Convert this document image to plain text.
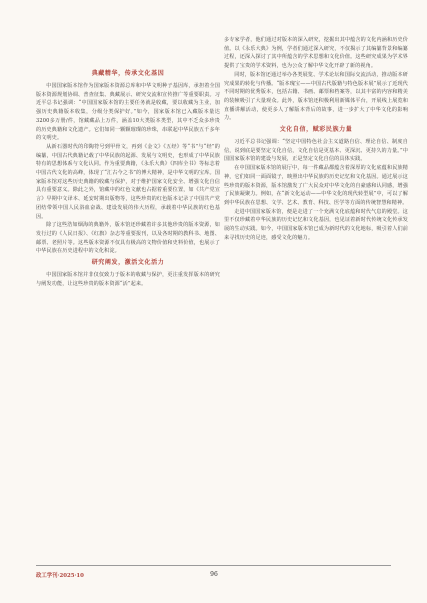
典藏精华，传承文化基因

中国国家版本馆作为国家版本资源总库和中华文明种子基因库，承担着全国版本资源规划协调、普查征集、典藏展示、研究交流和宣传推广等重要职责。习近平总书记强调：“中国国家版本馆的主要任务就是收藏，要以收藏为主业，加强历史典籍版本收集，分级分类保护好。”如今，国家版本馆已入藏版本量达3200多万册/件，馆藏藏品上万件，涵盖10大类版本类型，其中不乏众多珍贵的历史典籍和文化遗产。它们如同一颗颗璀璨的珍珠，串联起中华民族五千多年的文明史。

从新石器时代的印陶符号到甲骨文，再到《金文》《五经》等“书”与“经”的编纂，中国古代典籍记载了中华民族的起源、发展与文明史，也形成了中华民族特有的思想体系与文化认同。作为重要典籍，《永乐大典》《四库全书》等标志着中国古代文化的高峰，体现了“汇古今之书”的博大精神，是中华文明的宝库。国家版本馆对这些历史典籍的收藏与保护，对于维护国家文化安全、增强文化自信具有重要意义。除此之外，馆藏中的红色文献也占据着重要位置，如《共产党宣言》早期中文译本、延安时期出版物等，这些珍贵的红色版本记录了中国共产党团结带领中国人民浴血奋战、建设发展的伟大历程，承载着中华民族的红色基因。

除了这些浩如烟海的典籍外，版本馆还珍藏着许多其他珍贵的版本资源，如发行过的《人民日报》、《红旗》杂志等重要报刊，以及各时期的教科书、地图、邮票、老照片等。这些版本资源不仅具有极高的文物价值和史料价值，也展示了中华民族在历史进程中的文化积淀。

研究阐发，激活文化活力

中国国家版本馆并非仅仅致力于版本的收藏与保护，更注重发挥版本的研究与阐发功能，让这些珍贵的版本资源“活”起来。

多专家学者，他们通过对版本的深入研究，挖掘出其中蕴含的文化内涵和历史价值。以《永乐大典》为例，学者们通过深入研究，不仅揭示了其编纂背景和编纂过程，还深入探讨了其中所蕴含的学术思想和文化价值。这些研究成果为学术界提供了宝贵的学术资料，也为公众了解中华文化开辟了新的视角。

同时，版本馆还通过举办各类展览、学术论坛和国际交流活动，推动版本研究成果的转化与传播。“版本瑰宝——中国古代版籍与特色版本展”展示了近现代不同时期的优秀版本，包括古籍、书画、邮票和档案等，以其丰富的内容和精美的装帧吸引了大量观众。此外，版本馆还积极利用新媒体平台，开展线上展览和直播讲解活动，使更多人了解版本背后的故事，进一步扩大了中华文化的影响力。

文化自信，赋彩民族力量

习近平总书记强调：“坚定中国特色社会主义道路自信、理论自信、制度自信，说到底是要坚定文化自信，文化自信是更基本、更深沉、更持久的力量。”中国国家版本馆的建设与发展，正是坚定文化自信的具体实践。

在中国国家版本馆的展厅中，每一件藏品都蕴含着深厚的文化底蕴和民族精神，它们如同一面面镜子，映照出中华民族的历史记忆和文化基因。通过展示这些珍贵的版本资源，版本馆激发了广大民众对中华文化的自豪感和认同感，增强了民族凝聚力。例如，在“新文化运动——中华文化的现代转型展”中，可以了解到中华民族在思想、文学、艺术、教育、科技、医学等方面的传统智慧和精神。

走进中国国家版本馆，便是走进了一个充满文化底蕴和时代气息的殿堂。这里不仅珍藏着中华民族的历史记忆和文化基因，也见证着新时代传统文化传承发展的生动实践。如今，中国国家版本馆已成为新时代的文化地标，吸引着人们前来寻找历史的足迹，感受文化的魅力。

政工学刊·2025·10	96
